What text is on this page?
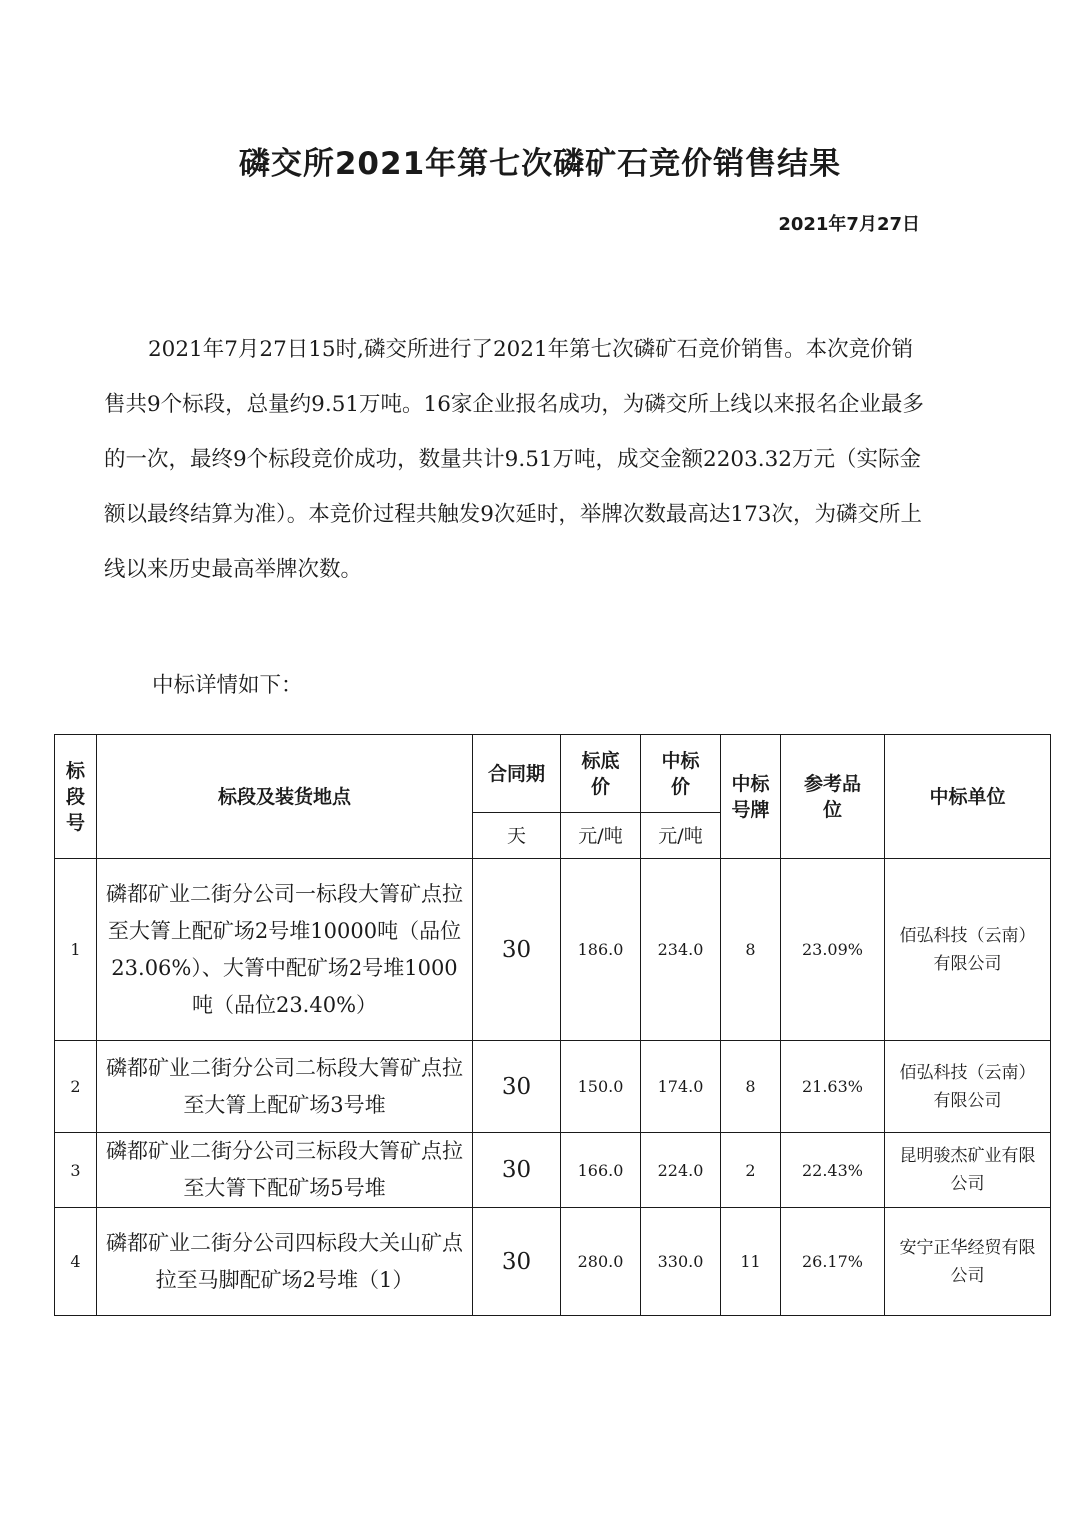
磷交所2021年第七次磷矿石竞价销售结果
2021年7月27日

2021年7月27日15时,磷交所进行了2021年第七次磷矿石竞价销售。本次竞价销售共9个标段，总量约9.51万吨。16家企业报名成功，为磷交所上线以来报名企业最多的一次，最终9个标段竞价成功，数量共计9.51万吨，成交金额2203.32万元（实际金额以最终结算为准）。本竞价过程共触发9次延时，举牌次数最高达173次，为磷交所上线以来历史最高举牌次数。

中标详情如下：
标段号	标段及装货地点	合同期	标底价	中标价	中标号牌	参考品位	中标单位
		天	元/吨	元/吨			
1	磷都矿业二街分公司一标段大箐矿点拉至大箐上配矿场2号堆10000吨（品位23.06%）、大箐中配矿场2号堆1000吨（品位23.40%）	30	186.0	234.0	8	23.09%	佰弘科技（云南）有限公司
2	磷都矿业二街分公司二标段大箐矿点拉至大箐上配矿场3号堆	30	150.0	174.0	8	21.63%	佰弘科技（云南）有限公司
3	磷都矿业二街分公司三标段大箐矿点拉至大箐下配矿场5号堆	30	166.0	224.0	2	22.43%	昆明骏杰矿业有限公司
4	磷都矿业二街分公司四标段大关山矿点拉至马脚配矿场2号堆（1）	30	280.0	330.0	11	26.17%	安宁正华经贸有限公司
